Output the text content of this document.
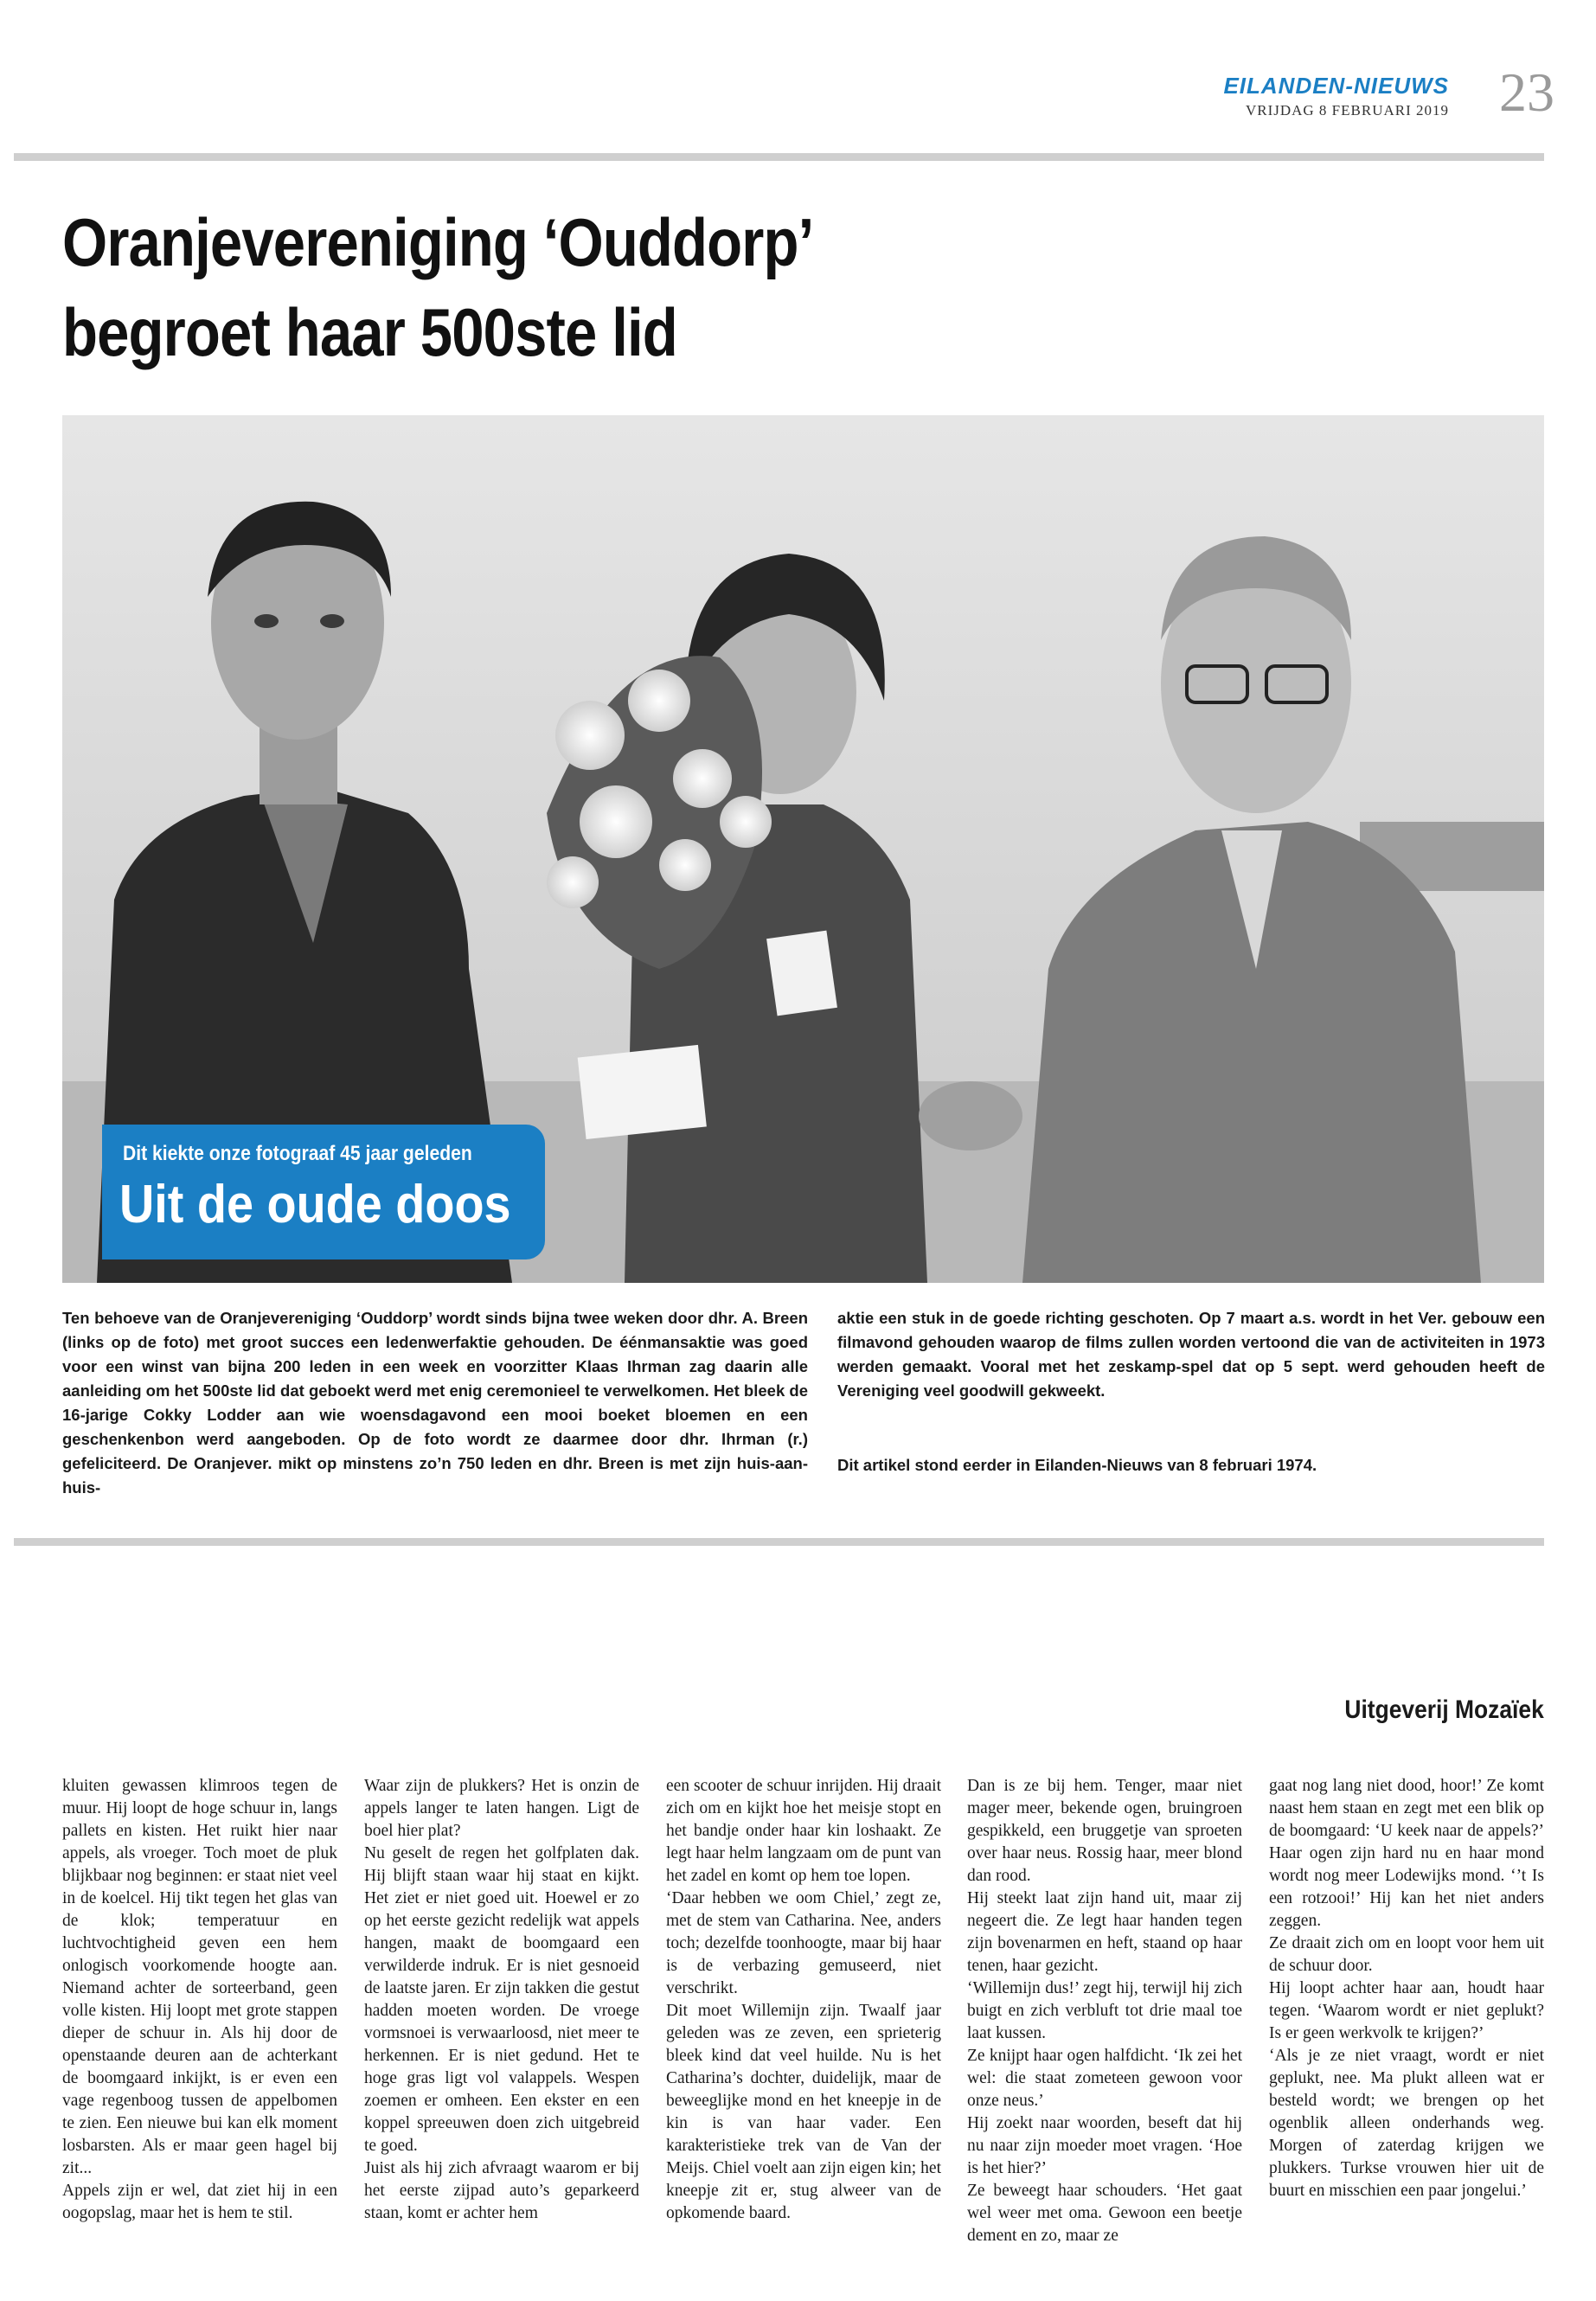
EILANDEN-NIEUWS
VRIJDAG 8 FEBRUARI 2019 23
Oranjevereniging ‘Ouddorp’
begroet haar 500ste lid
Dit kiekte onze fotograaf 45 jaar geleden
Uit de oude doos
Ten behoeve van de Oranjevereniging ‘Ouddorp’ wordt sinds bijna twee weken door dhr. A. Breen (links op de foto) met groot succes een ledenwerfaktie gehouden. De éénmansaktie was goed voor een winst van bijna 200 leden in een week en voorzitter Klaas Ihrman zag daarin alle aanleiding om het 500ste lid dat geboekt werd met enig ceremonieel te verwelkomen. Het bleek de 16-jarige Cokky Lodder aan wie woensdagavond een mooi boeket bloemen en een geschenkenbon werd aangeboden. Op de foto wordt ze daarmee door dhr. Ihrman (r.) gefeliciteerd. De Oranjever. mikt op minstens zo’n 750 leden en dhr. Breen is met zijn huis-aan-huis-
aktie een stuk in de goede richting geschoten. Op 7 maart a.s. wordt in het Ver. gebouw een filmavond gehouden waarop de films zullen worden vertoond die van de activiteiten in 1973 werden gemaakt. Vooral met het zeskamp-spel dat op 5 sept. werd gehouden heeft de Vereniging veel goodwill gekweekt.
Dit artikel stond eerder in Eilanden-Nieuws van 8 februari 1974.
Uitgeverij Mozaïek

kluiten gewassen klimroos tegen de muur. Hij loopt de hoge schuur in, langs pallets en kisten. Het ruikt hier naar appels, als vroeger. Toch moet de pluk blijkbaar nog beginnen: er staat niet veel in de koelcel. Hij tikt tegen het glas van de klok; temperatuur en luchtvochtigheid geven een hem onlogisch voorkomende hoogte aan. Niemand achter de sorteerband, geen volle kisten. Hij loopt met grote stappen dieper de schuur in. Als hij door de openstaande deuren aan de achterkant de boomgaard inkijkt, is er even een vage regenboog tussen de appelbomen te zien. Een nieuwe bui kan elk moment losbarsten. Als er maar geen hagel bij zit...

Appels zijn er wel, dat ziet hij in een oogopslag, maar het is hem te stil.

Waar zijn de plukkers? Het is onzin de appels langer te laten hangen. Ligt de boel hier plat?

Nu geselt de regen het golfplaten dak. Hij blijft staan waar hij staat en kijkt. Het ziet er niet goed uit. Hoewel er zo op het eerste gezicht redelijk wat appels hangen, maakt de boomgaard een verwilderde indruk. Er is niet gesnoeid de laatste jaren. Er zijn takken die gestut hadden moeten worden. De vroege vormsnoei is verwaarloosd, niet meer te herkennen. Er is niet gedund. Het te hoge gras ligt vol valappels. Wespen zoemen er omheen. Een ekster en een koppel spreeuwen doen zich uitgebreid te goed.

Juist als hij zich afvraagt waarom er bij het eerste zijpad auto’s geparkeerd staan, komt er achter hem

een scooter de schuur inrijden. Hij draait zich om en kijkt hoe het meisje stopt en het bandje onder haar kin loshaakt. Ze legt haar helm langzaam om de punt van het zadel en komt op hem toe lopen.

‘Daar hebben we oom Chiel,’ zegt ze, met de stem van Catharina. Nee, anders toch; dezelfde toonhoogte, maar bij haar is de verbazing gemuseerd, niet verschrikt.

Dit moet Willemijn zijn. Twaalf jaar geleden was ze zeven, een sprieterig bleek kind dat veel huilde. Nu is het Catharina’s dochter, duidelijk, maar de beweeglijke mond en het kneepje in de kin is van haar vader. Een karakteristieke trek van de Van der Meijs. Chiel voelt aan zijn eigen kin; het kneepje zit er, stug alweer van de opkomende baard.

Dan is ze bij hem. Tenger, maar niet mager meer, bekende ogen, bruingroen gespikkeld, een bruggetje van sproeten over haar neus. Rossig haar, meer blond dan rood.

Hij steekt laat zijn hand uit, maar zij negeert die. Ze legt haar handen tegen zijn bovenarmen en heft, staand op haar tenen, haar gezicht.

‘Willemijn dus!’ zegt hij, terwijl hij zich buigt en zich verbluft tot drie maal toe laat kussen.

Ze knijpt haar ogen halfdicht. ‘Ik zei het wel: die staat zometeen gewoon voor onze neus.’

Hij zoekt naar woorden, beseft dat hij nu naar zijn moeder moet vragen. ‘Hoe is het hier?’

Ze beweegt haar schouders. ‘Het gaat wel weer met oma. Gewoon een beetje dement en zo, maar ze

gaat nog lang niet dood, hoor!’ Ze komt naast hem staan en zegt met een blik op de boomgaard: ‘U keek naar de appels?’ Haar ogen zijn hard nu en haar mond wordt nog meer Lodewijks mond. ‘’t Is een rotzooi!’ Hij kan het niet anders zeggen.

Ze draait zich om en loopt voor hem uit de schuur door.

Hij loopt achter haar aan, houdt haar tegen. ‘Waarom wordt er niet geplukt? Is er geen werkvolk te krijgen?’

‘Als je ze niet vraagt, wordt er niet geplukt, nee. Ma plukt alleen wat er besteld wordt; we brengen op het ogenblik alleen onderhands weg. Morgen of zaterdag krijgen we plukkers. Turkse vrouwen hier uit de buurt en misschien een paar jongelui.’
